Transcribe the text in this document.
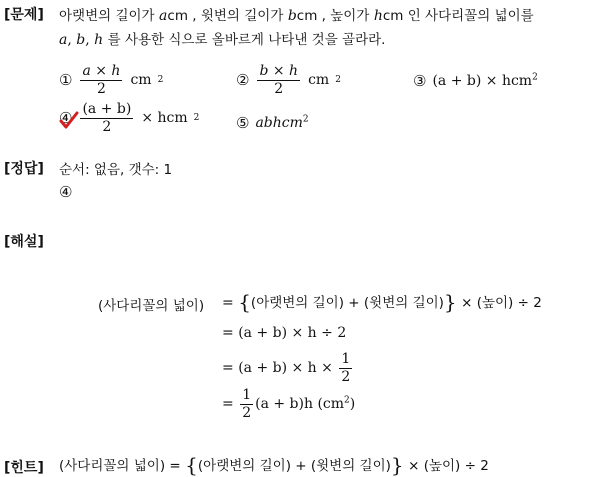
[문제] 아랫변의 길이가 acm , 윗변의 길이가 bcm , 높이가 hcm 인 사다리꼴의 넓이를
a, b, h 를 사용한 식으로 올바르게 나타낸 것을 골라라.
① $\frac{a \times h}{2}$ cm 2	② $\frac{b \times h}{2}$ cm 2	③ (a + b) × hcm$^2$
④ $\frac{(a + b)}{2}$ × hcm 2 ⑤ abhcm$^2$
[정답] 순서: 없음, 갯수: 1
④
[해설]
(사다리꼴의 넓이) = {(아랫변의 길이) + (윗변의 길이)} × (높이) ÷ 2
= (a + b) × h ÷ 2
= $(a + b) \times h \times \frac{1}{2}$
= $\frac{1}{2} (a + b)h$ $(cm^2)$
[힌트] (사다리꼴의 넓이) = {(아랫변의 길이) + (윗변의 길이)} × (높이) ÷ 2
